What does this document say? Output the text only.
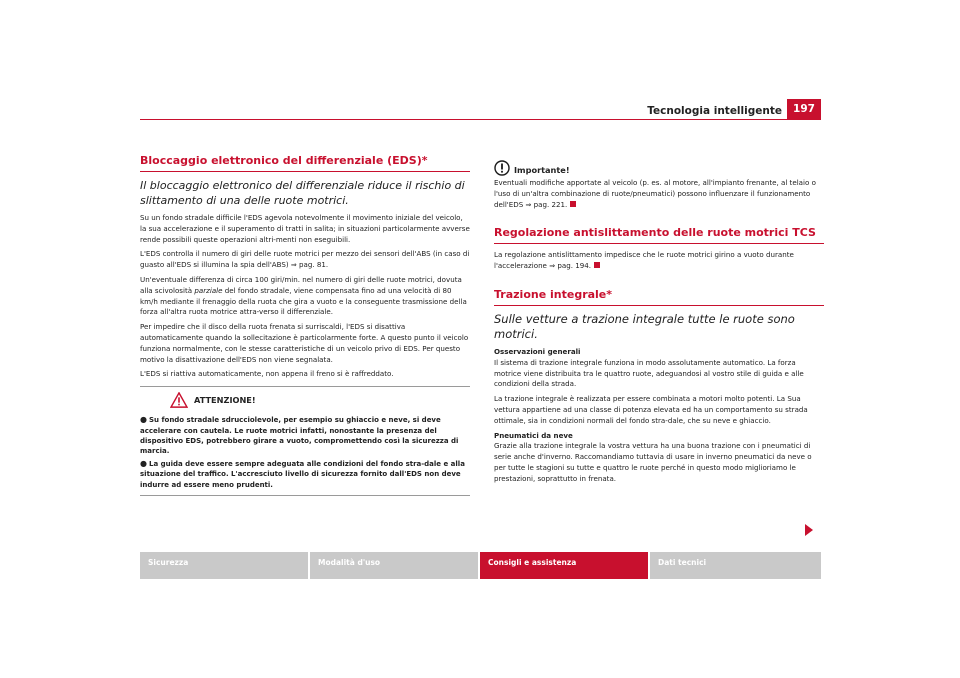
Tecnologia intelligente	197
Bloccaggio elettronico del differenziale (EDS)*
Il bloccaggio elettronico del differenziale riduce il rischio di slittamento di una delle ruote motrici.

Su un fondo stradale difficile l'EDS agevola notevolmente il movimento iniziale del veicolo, la sua accelerazione e il superamento di tratti in salita; in situazioni particolarmente avverse rende possibili queste operazioni altri-menti non eseguibili.

L'EDS controlla il numero di giri delle ruote motrici per mezzo dei sensori dell'ABS (in caso di guasto all'EDS si illumina la spia dell'ABS) ⇒ pag. 81.

Un'eventuale differenza di circa 100 giri/min. nel numero di giri delle ruote motrici, dovuta alla scivolosità parziale del fondo stradale, viene compensata fino ad una velocità di 80 km/h mediante il frenaggio della ruota che gira a vuoto e la conseguente trasmissione della forza all'altra ruota motrice attra-verso il differenziale.

Per impedire che il disco della ruota frenata si surriscaldi, l'EDS si disattiva automaticamente quando la sollecitazione è particolarmente forte. A questo punto il veicolo funziona normalmente, con le stesse caratteristiche di un veicolo privo di EDS. Per questo motivo la disattivazione dell'EDS non viene segnalata.

L'EDS si riattiva automaticamente, non appena il freno si è raffreddato.

ATTENZIONE!
● Su fondo stradale sdrucciolevole, per esempio su ghiaccio e neve, si deve accelerare con cautela. Le ruote motrici infatti, nonostante la presenza del dispositivo EDS, potrebbero girare a vuoto, compromettendo così la sicurezza di marcia.
● La guida deve essere sempre adeguata alle condizioni del fondo stra-dale e alla situazione del traffico. L'accresciuto livello di sicurezza fornito dall'EDS non deve indurre ad essere meno prudenti.
Importante!

Eventuali modifiche apportate al veicolo (p. es. al motore, all'impianto frenante, al telaio o l'uso di un'altra combinazione di ruote/pneumatici) possono influenzare il funzionamento dell'EDS ⇒ pag. 221.

Regolazione antislittamento delle ruote motrici TCS

La regolazione antislittamento impedisce che le ruote motrici girino a vuoto durante l'accelerazione ⇒ pag. 194.

Trazione integrale*
Sulle vetture a trazione integrale tutte le ruote sono motrici.
Osservazioni generali

Il sistema di trazione integrale funziona in modo assolutamente automatico. La forza motrice viene distribuita tra le quattro ruote, adeguandosi al vostro stile di guida e alle condizioni della strada.

La trazione integrale è realizzata per essere combinata a motori molto potenti. La Sua vettura appartiene ad una classe di potenza elevata ed ha un comportamento su strada ottimale, sia in condizioni normali del fondo stra-dale, che su neve e ghiaccio.

Pneumatici da neve

Grazie alla trazione integrale la vostra vettura ha una buona trazione con i pneumatici di serie anche d'inverno. Raccomandiamo tuttavia di usare in inverno pneumatici da neve o per tutte le stagioni su tutte e quattro le ruote perché in questo modo miglioriamo le prestazioni, soprattutto in frenata.

Sicurezza	Modalità d'uso	Consigli e assistenza	Dati tecnici
